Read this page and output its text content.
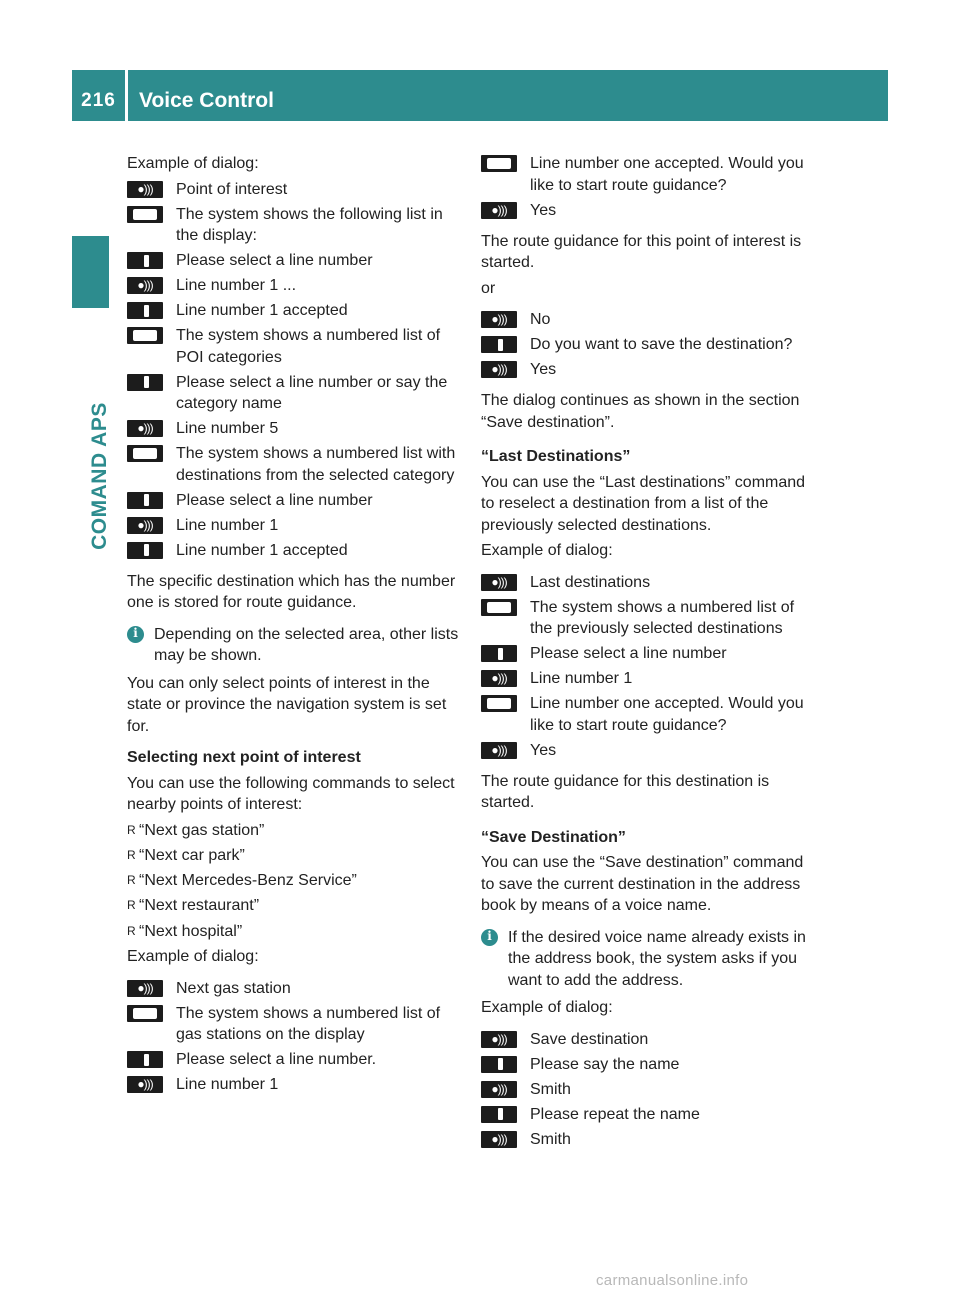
216	Voice Control
COMAND APS
Example of dialog:
●))) Point of interest
The system shows the following list in the display:
Please select a line number
●))) Line number 1 ...
Line number 1 accepted
The system shows a numbered list of POI categories
Please select a line number or say the category name
●))) Line number 5
The system shows a numbered list with destinations from the selected category
Please select a line number
●))) Line number 1
Line number 1 accepted
The specific destination which has the number one is stored for route guidance.
i	Depending on the selected area, other lists may be shown.
You can only select points of interest in the state or province the navigation system is set for.
Selecting next point of interest
You can use the following commands to select nearby points of interest:
R “Next gas station”
R “Next car park”
R “Next Mercedes-Benz Service”
R “Next restaurant”
R “Next hospital”
Example of dialog:
●))) Next gas station
The system shows a numbered list of gas stations on the display
Please select a line number.
●))) Line number 1
Line number one accepted. Would you like to start route guidance?
●))) Yes
The route guidance for this point of interest is started.
or
●))) No
Do you want to save the destination?
●))) Yes
The dialog continues as shown in the section “Save destination”.
“Last Destinations”
You can use the “Last destinations” command to reselect a destination from a list of the previously selected destinations.
Example of dialog:
●))) Last destinations
The system shows a numbered list of the previously selected destinations
Please select a line number
●))) Line number 1
Line number one accepted. Would you like to start route guidance?
●))) Yes
The route guidance for this destination is started.
“Save Destination”
You can use the “Save destination” command to save the current destination in the address book by means of a voice name.
i	If the desired voice name already exists in the address book, the system asks if you want to add the address.
Example of dialog:
●))) Save destination
Please say the name
●))) Smith
Please repeat the name
●))) Smith
carmanualsonline.info
